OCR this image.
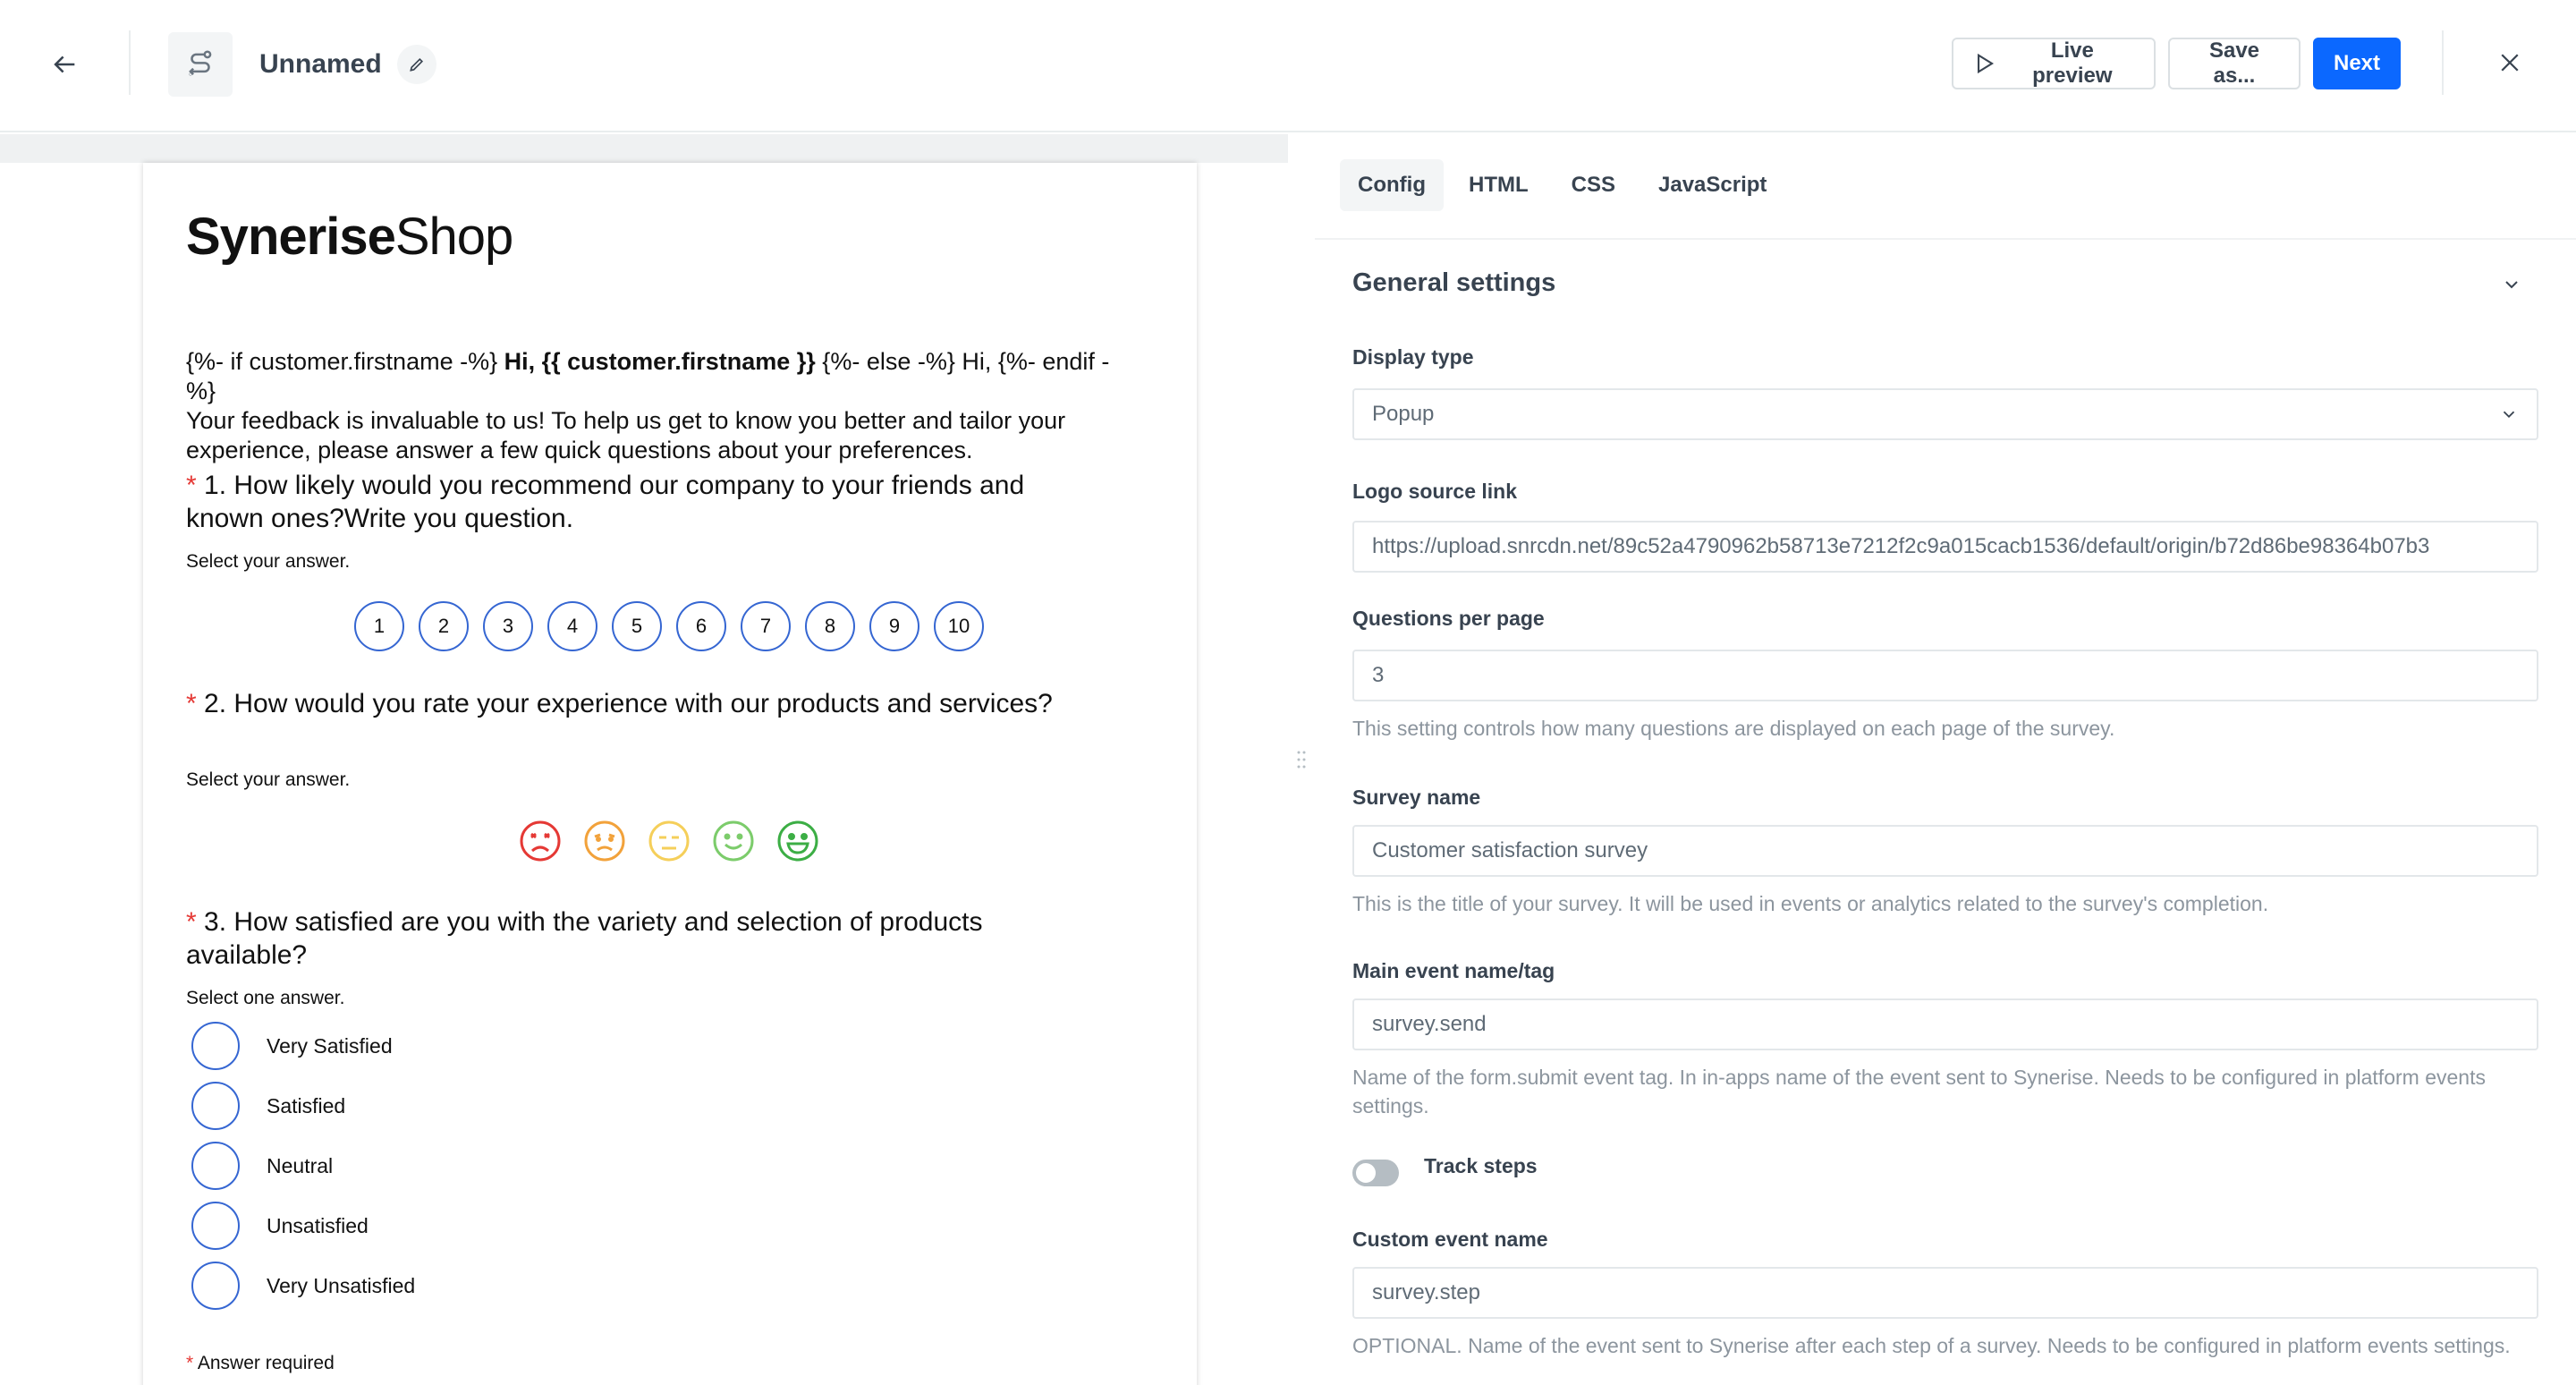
Unnamed	Live preview
Save as...
Next
SyneriseShop
{%- if customer.firstname -%} Hi, {{ customer.firstname }} {%- else -%} Hi, {%- endif -%}
Your feedback is invaluable to us! To help us get to know you better and tailor your experience, please answer a few quick questions about your preferences.
* 1. How likely would you recommend our company to your friends and known ones?Write you question.
Select your answer.
1	2	3	4	5	6	7	8	9	10
* 2. How would you rate your experience with our products and services?
Select your answer.
* 3. How satisfied are you with the variety and selection of products available?
Select one answer.
Very Satisfied
Satisfied
Neutral
Unsatisfied
Very Unsatisfied
* Answer required
Config	HTML	CSS	JavaScript
General settings
Display type
Popup
Logo source link
https://upload.snrcdn.net/89c52a4790962b58713e7212f2c9a015cacb1536/default/origin/b72d86be98364b07b3
Questions per page
3
This setting controls how many questions are displayed on each page of the survey.
Survey name
Customer satisfaction survey
This is the title of your survey. It will be used in events or analytics related to the survey's completion.
Main event name/tag
survey.send
Name of the form.submit event tag. In in-apps name of the event sent to Synerise. Needs to be configured in platform events settings.
Track steps
Custom event name
survey.step
OPTIONAL. Name of the event sent to Synerise after each step of a survey. Needs to be configured in platform events settings.
